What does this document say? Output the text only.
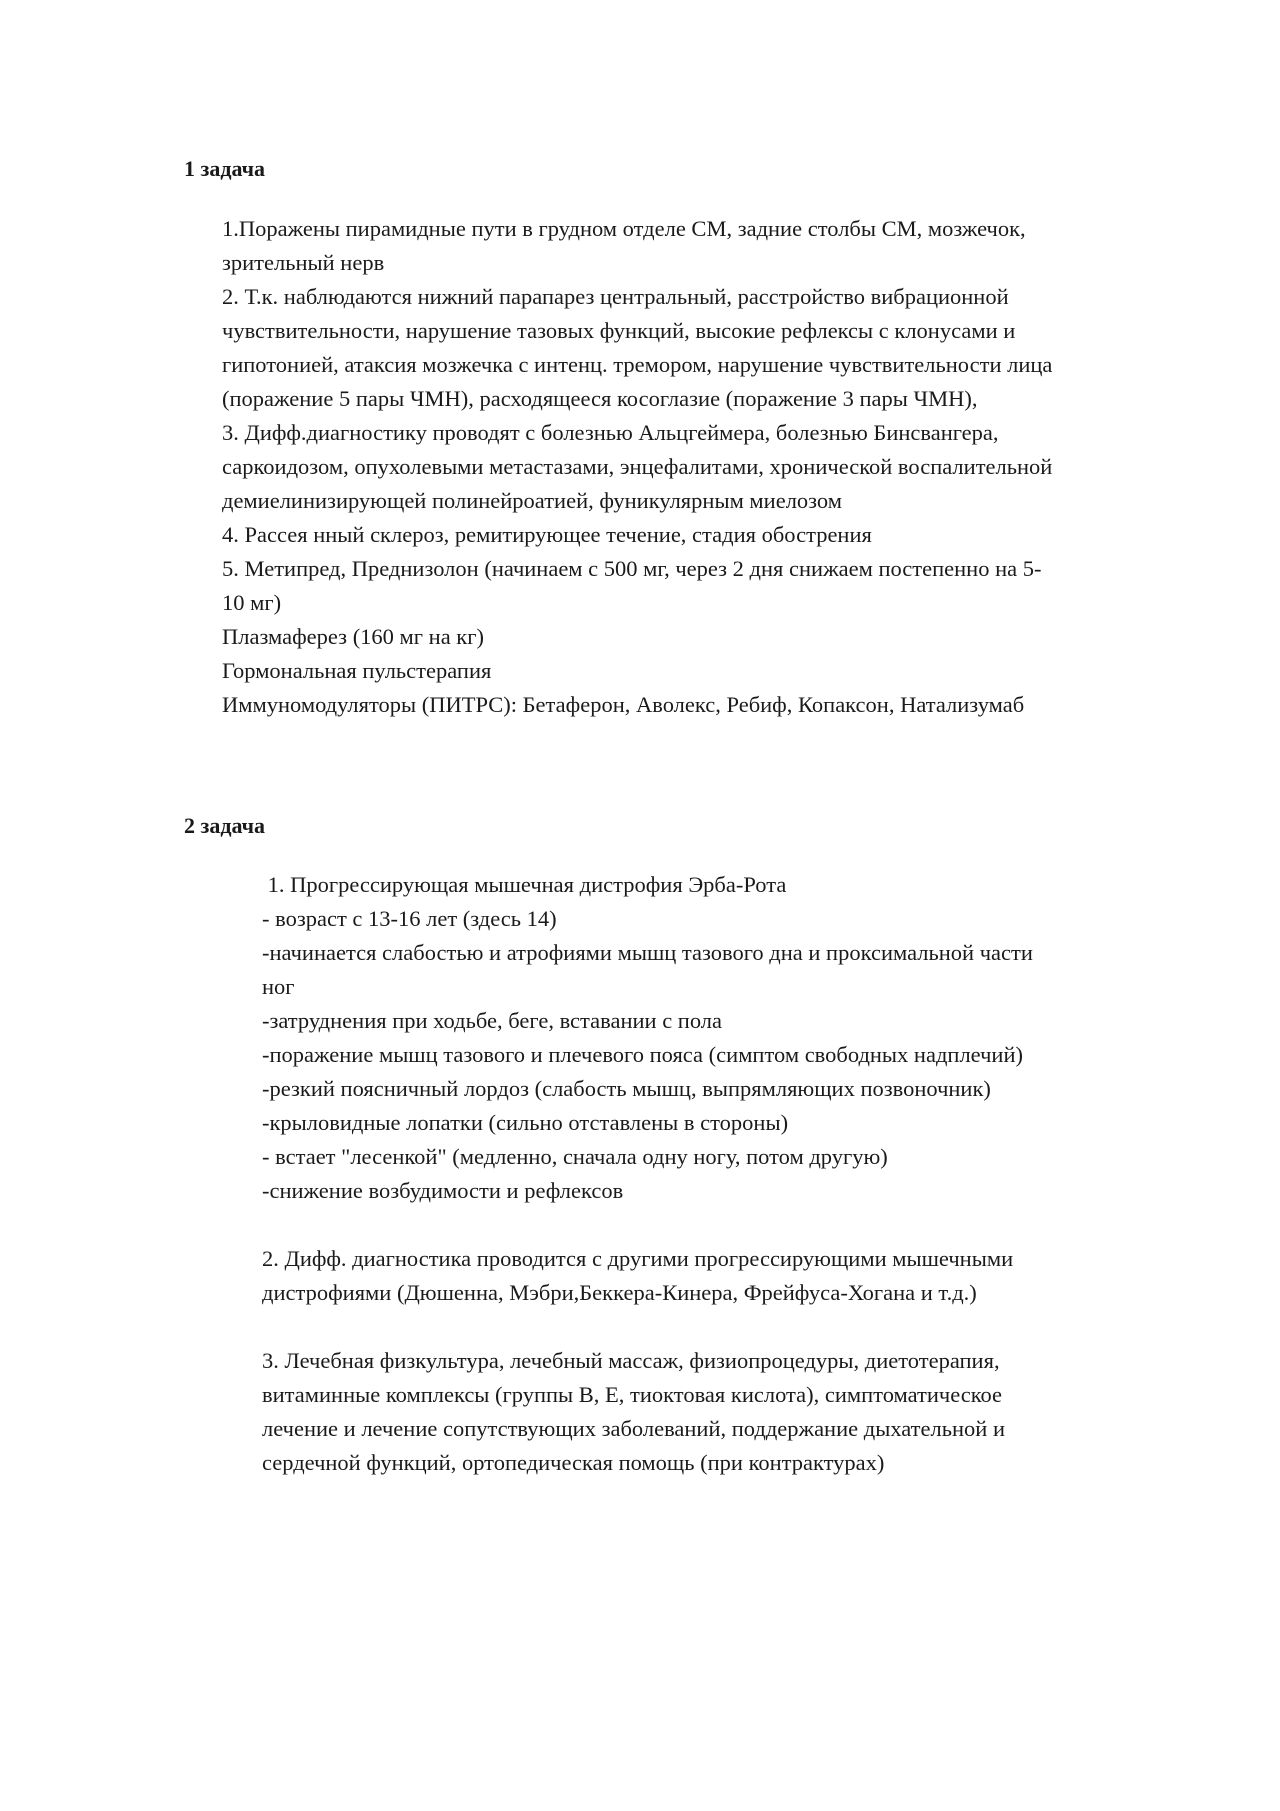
1 задача
1.Поражены пирамидные пути в грудном отделе СМ, задние столбы СМ, мозжечок,
зрительный нерв
2. Т.к. наблюдаются нижний парапарез центральный, расстройство вибрационной
чувствительности, нарушение тазовых функций, высокие рефлексы с клонусами и
гипотонией, атаксия мозжечка с интенц. тремором, нарушение чувствительности лица
(поражение 5 пары ЧМН), расходящееся косоглазие (поражение 3 пары ЧМН),
3. Дифф.диагностику проводят с болезнью Альцгеймера, болезнью Бинсвангера,
саркоидозом, опухолевыми метастазами, энцефалитами, хронической воспалительной
демиелинизирующей полинейроатией, фуникулярным миелозом
4. Рассея нный склероз, ремитирующее течение, стадия обострения
5. Метипред, Преднизолон (начинаем с 500 мг, через 2 дня снижаем постепенно на 5-
10 мг)
Плазмаферез (160 мг на кг)
Гормональная пульстерапия
Иммуномодуляторы (ПИТРС): Бетаферон, Аволекс, Ребиф, Копаксон, Натализумаб
2 задача
1. Прогрессирующая мышечная дистрофия Эрба-Рота
- возраст с 13-16 лет (здесь 14)
-начинается слабостью и атрофиями мышц тазового дна и проксимальной части
ног
-затруднения при ходьбе, беге, вставании с пола
-поражение мышц тазового и плечевого пояса (симптом свободных надплечий)
-резкий поясничный лордоз (слабость мышц, выпрямляющих позвоночник)
-крыловидные лопатки (сильно отставлены в стороны)
- встает "лесенкой" (медленно, сначала одну ногу, потом другую)
-снижение возбудимости и рефлексов
2. Дифф. диагностика проводится с другими прогрессирующими мышечными
дистрофиями (Дюшенна, Мэбри,Беккера-Кинера, Фрейфуса-Хогана и т.д.)
3. Лечебная физкультура, лечебный массаж, физиопроцедуры, диетотерапия,
витаминные комплексы (группы В, Е, тиоктовая кислота), симптоматическое
лечение и лечение сопутствующих заболеваний, поддержание дыхательной и
сердечной функций, ортопедическая помощь (при контрактурах)
